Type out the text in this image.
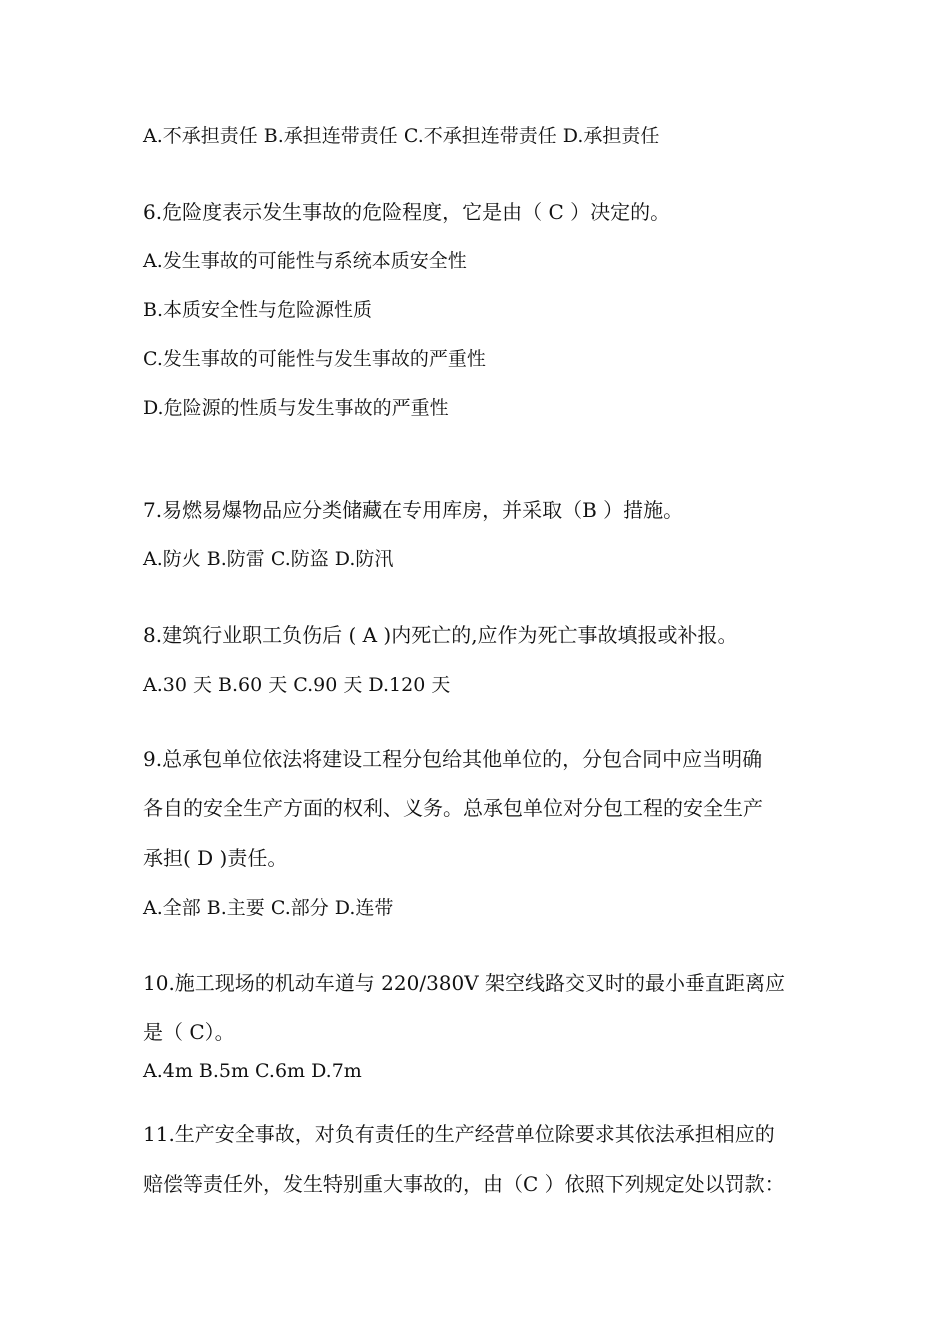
A.不承担责任 B.承担连带责任 C.不承担连带责任 D.承担责任
6.危险度表示发生事故的危险程度，它是由（ C ）决定的。
A.发生事故的可能性与系统本质安全性
B.本质安全性与危险源性质
C.发生事故的可能性与发生事故的严重性
D.危险源的性质与发生事故的严重性
7.易燃易爆物品应分类储藏在专用库房，并采取（B ）措施。
A.防火 B.防雷 C.防盗 D.防汛
8.建筑行业职工负伤后 ( A )内死亡的,应作为死亡事故填报或补报。
A.30 天 B.60 天 C.90 天 D.120 天
9.总承包单位依法将建设工程分包给其他单位的，分包合同中应当明确
各自的安全生产方面的权利、义务。总承包单位对分包工程的安全生产
承担( D )责任。
A.全部 B.主要 C.部分 D.连带
10.施工现场的机动车道与 220/380V 架空线路交叉时的最小垂直距离应
是（ C）。
A.4m B.5m C.6m D.7m
11.生产安全事故，对负有责任的生产经营单位除要求其依法承担相应的
赔偿等责任外，发生特别重大事故的，由（C ）依照下列规定处以罚款：
